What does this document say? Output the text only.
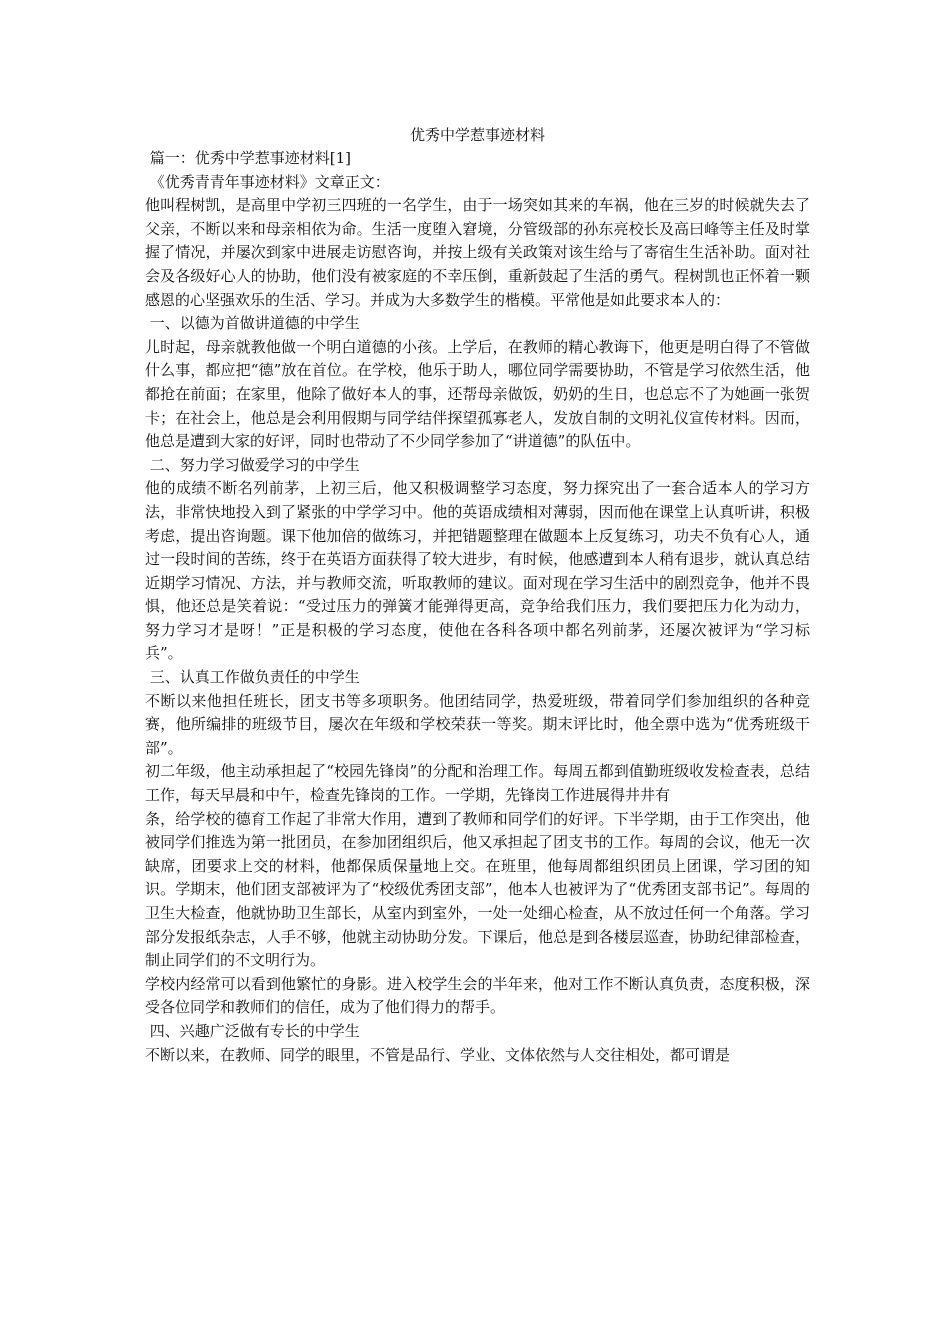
优秀中学惹事迹材料

篇一：优秀中学惹事迹材料[1]

《优秀青青年事迹材料》文章正文：

他叫程树凯，是高里中学初三四班的一名学生，由于一场突如其来的车祸，他在三岁的时候就失去了父亲，不断以来和母亲相依为命。生活一度堕入窘境，分管级部的孙东亮校长及高曰峰等主任及时掌握了情况，并屡次到家中进展走访慰咨询，并按上级有关政策对该生给与了寄宿生生活补助。面对社会及各级好心人的协助，他们没有被家庭的不幸压倒，重新鼓起了生活的勇气。程树凯也正怀着一颗感恩的心坚强欢乐的生活、学习。并成为大多数学生的楷模。平常他是如此要求本人的：

一、以德为首做讲道德的中学生

儿时起，母亲就教他做一个明白道德的小孩。上学后，在教师的精心教诲下，他更是明白得了不管做什么事，都应把“德”放在首位。在学校，他乐于助人，哪位同学需要协助，不管是学习依然生活，他都抢在前面；在家里，他除了做好本人的事，还帮母亲做饭，奶奶的生日，也总忘不了为她画一张贺卡；在社会上，他总是会利用假期与同学结伴探望孤寡老人，发放自制的文明礼仪宣传材料。因而，他总是遭到大家的好评，同时也带动了不少同学参加了“讲道德”的队伍中。

二、努力学习做爱学习的中学生

他的成绩不断名列前茅，上初三后，他又积极调整学习态度，努力探究出了一套合适本人的学习方法，非常快地投入到了紧张的中学学习中。他的英语成绩相对薄弱，因而他在课堂上认真听讲，积极考虑，提出咨询题。课下他加倍的做练习，并把错题整理在做题本上反复练习，功夫不负有心人，通过一段时间的苦练，终于在英语方面获得了较大进步，有时候，他感遭到本人稍有退步，就认真总结近期学习情况、方法，并与教师交流，听取教师的建议。面对现在学习生活中的剧烈竞争，他并不畏惧，他还总是笑着说：“受过压力的弹簧才能弹得更高，竞争给我们压力，我们要把压力化为动力，努力学习才是呀！”正是积极的学习态度，使他在各科各项中都名列前茅，还屡次被评为“学习标兵”。

三、认真工作做负责任的中学生

不断以来他担任班长，团支书等多项职务。他团结同学，热爱班级，带着同学们参加组织的各种竞赛，他所编排的班级节目，屡次在年级和学校荣获一等奖。期末评比时，他全票中选为“优秀班级干部”。

初二年级，他主动承担起了“校园先锋岗”的分配和治理工作。每周五都到值勤班级收发检查表，总结工作，每天早晨和中午，检查先锋岗的工作。一学期，先锋岗工作进展得井井有

条，给学校的德育工作起了非常大作用，遭到了教师和同学们的好评。下半学期，由于工作突出，他被同学们推选为第一批团员，在参加团组织后，他又承担起了团支书的工作。每周的会议，他无一次缺席，团要求上交的材料，他都保质保量地上交。在班里，他每周都组织团员上团课，学习团的知识。学期末，他们团支部被评为了“校级优秀团支部”，他本人也被评为了“优秀团支部书记”。每周的卫生大检查，他就协助卫生部长，从室内到室外，一处一处细心检查，从不放过任何一个角落。学习部分发报纸杂志，人手不够，他就主动协助分发。下课后，他总是到各楼层巡查，协助纪律部检查，制止同学们的不文明行为。

学校内经常可以看到他繁忙的身影。进入校学生会的半年来，他对工作不断认真负责，态度积极，深受各位同学和教师们的信任，成为了他们得力的帮手。

四、兴趣广泛做有专长的中学生

不断以来，在教师、同学的眼里，不管是品行、学业、文体依然与人交往相处，都可谓是
